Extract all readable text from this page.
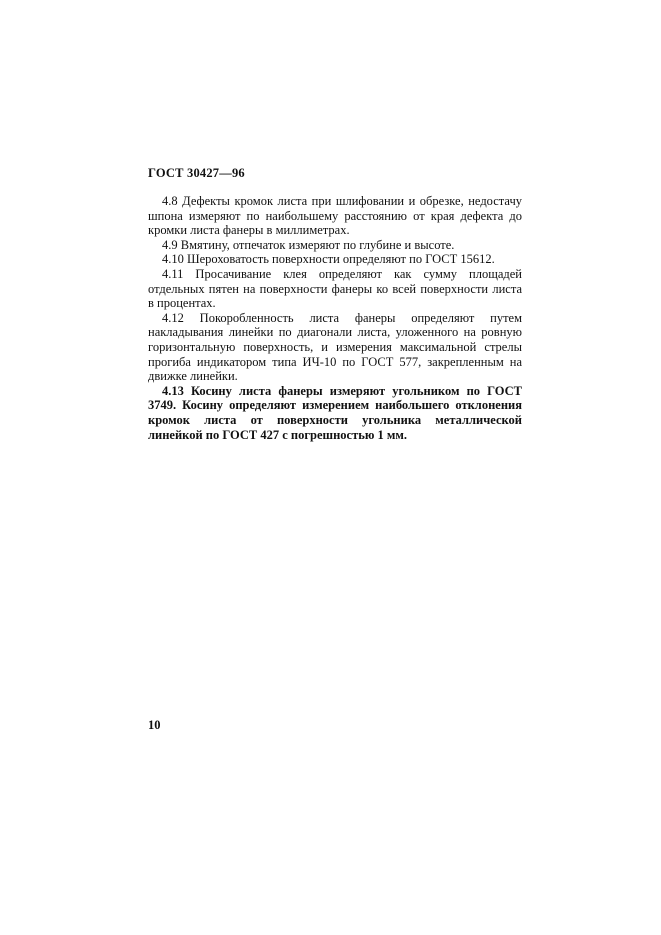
ГОСТ 30427—96

4.8 Дефекты кромок листа при шлифовании и обрезке, недостачу шпона измеряют по наибольшему расстоянию от края дефекта до кромки листа фанеры в миллиметрах.

4.9 Вмятину, отпечаток измеряют по глубине и высоте.

4.10 Шероховатость поверхности определяют по ГОСТ 15612.

4.11 Просачивание клея определяют как сумму площадей отдельных пятен на поверхности фанеры ко всей поверхности листа в процентах.

4.12 Покоробленность листа фанеры определяют путем накладывания линейки по диагонали листа, уложенного на ровную горизонтальную поверхность, и измерения максимальной стрелы прогиба индикатором типа ИЧ-10 по ГОСТ 577, закрепленным на движке линейки.

4.13 Косину листа фанеры измеряют угольником по ГОСТ 3749. Косину определяют измерением наибольшего отклонения кромок листа от поверхности угольника металлической линейкой по ГОСТ 427 с погрешностью 1 мм.

10
